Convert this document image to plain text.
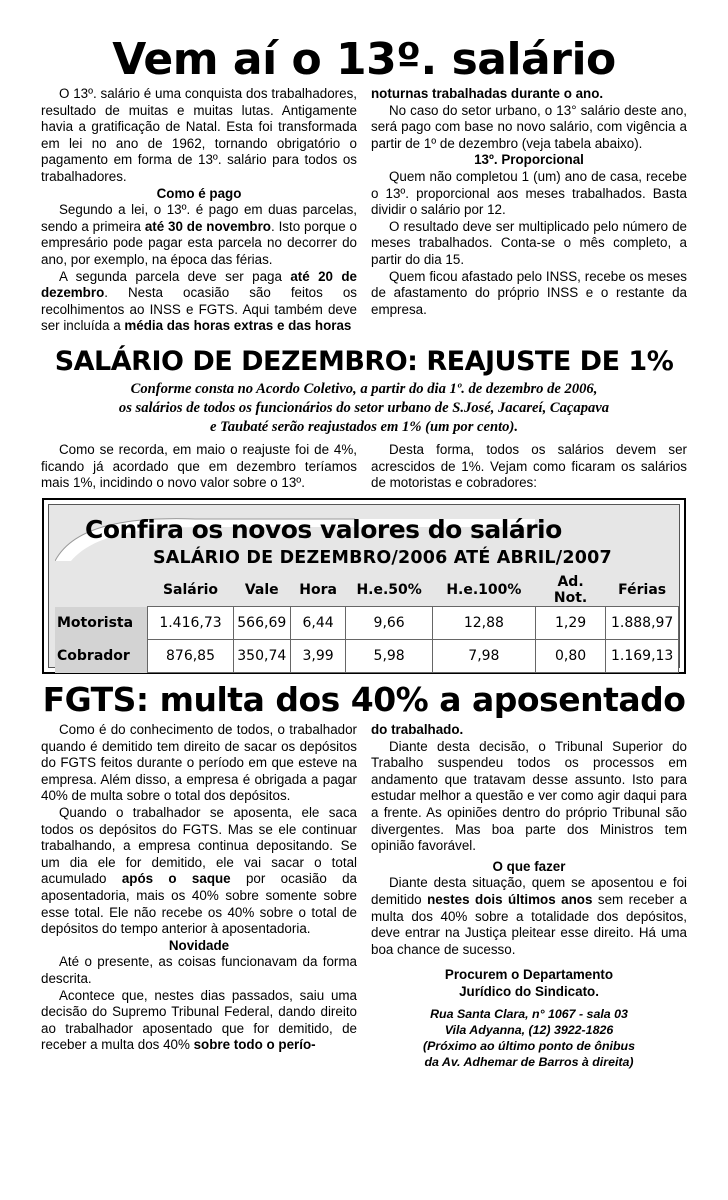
Vem aí o 13º. salário

O 13º. salário é uma conquista dos trabalhadores, resultado de muitas e muitas lutas. Antigamente havia a gratificação de Natal. Esta foi transformada em lei no ano de 1962, tornando obrigatório o pagamento em forma de 13º. salário para todos os trabalhadores.

Como é pago

Segundo a lei, o 13º. é pago em duas parcelas, sendo a primeira até 30 de novembro. Isto porque o empresário pode pagar esta parcela no decorrer do ano, por exemplo, na época das férias.

A segunda parcela deve ser paga até 20 de dezembro. Nesta ocasião são feitos os recolhimentos ao INSS e FGTS. Aqui também deve ser incluída a média das horas extras e das horas

noturnas trabalhadas durante o ano.

No caso do setor urbano, o 13° salário deste ano, será pago com base no novo salário, com vigência a partir de 1º de dezembro (veja tabela abaixo).

13º. Proporcional

Quem não completou 1 (um) ano de casa, recebe o 13º. proporcional aos meses trabalhados. Basta dividir o salário por 12.

O resultado deve ser multiplicado pelo número de meses trabalhados. Conta-se o mês completo, a partir do dia 15.

Quem ficou afastado pelo INSS, recebe os meses de afastamento do próprio INSS e o restante da empresa.

SALÁRIO DE DEZEMBRO: REAJUSTE DE 1%
Conforme consta no Acordo Coletivo, a partir do dia 1º. de dezembro de 2006,
os salários de todos os funcionários do setor urbano de S.José, Jacareí, Caçapava
e Taubaté serão reajustados em 1% (um por cento).

Como se recorda, em maio o reajuste foi de 4%, ficando já acordado que em dezembro teríamos mais 1%, incidindo o novo valor sobre o 13º.

Desta forma, todos os salários devem ser acrescidos de 1%. Vejam como ficaram os salários de motoristas e cobradores:

Confira os novos valores do salário
SALÁRIO DE DEZEMBRO/2006 ATÉ ABRIL/2007
	Salário	Vale	Hora	H.e.50%	H.e.100%	Ad. Not.	Férias
Motorista	1.416,73	566,69	6,44	9,66	12,88	1,29	1.888,97
Cobrador	876,85	350,74	3,99	5,98	7,98	0,80	1.169,13
FGTS: multa dos 40% a aposentado

Como é do conhecimento de todos, o trabalhador quando é demitido tem direito de sacar os depósitos do FGTS feitos durante o período em que esteve na empresa. Além disso, a empresa é obrigada a pagar 40% de multa sobre o total dos depósitos.

Quando o trabalhador se aposenta, ele saca todos os depósitos do FGTS. Mas se ele continuar trabalhando, a empresa continua depositando. Se um dia ele for demitido, ele vai sacar o total acumulado após o saque por ocasião da aposentadoria, mais os 40% sobre somente sobre esse total. Ele não recebe os 40% sobre o total de depósitos do tempo anterior à aposentadoria.

Novidade

Até o presente, as coisas funcionavam da forma descrita.

Acontece que, nestes dias passados, saiu uma decisão do Supremo Tribunal Federal, dando direito ao trabalhador aposentado que for demitido, de receber a multa dos 40% sobre todo o perío-

do trabalhado.

Diante desta decisão, o Tribunal Superior do Trabalho suspendeu todos os processos em andamento que tratavam desse assunto. Isto para estudar melhor a questão e ver como agir daqui para a frente. As opiniões dentro do próprio Tribunal são divergentes. Mas boa parte dos Ministros tem opinião favorável.

O que fazer

Diante desta situação, quem se aposentou e foi demitido nestes dois últimos anos sem receber a multa dos 40% sobre a totalidade dos depósitos, deve entrar na Justiça pleitear esse direito. Há uma boa chance de sucesso.

Procurem o Departamento
Jurídico do Sindicato.
Rua Santa Clara, n° 1067 - sala 03
Vila Adyanna, (12) 3922-1826
(Próximo ao último ponto de ônibus
da Av. Adhemar de Barros à direita)
